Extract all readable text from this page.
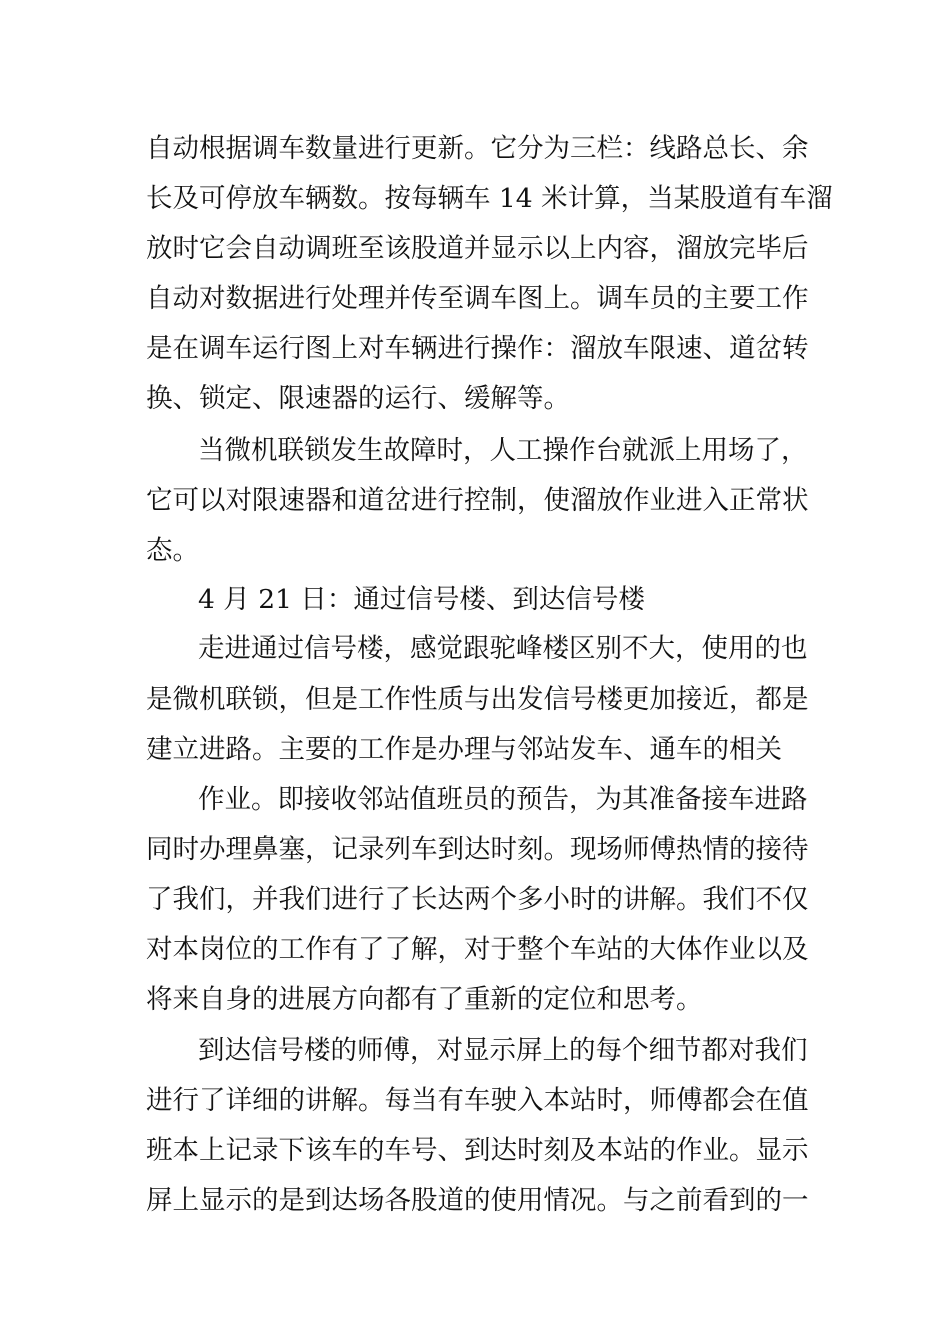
自动根据调车数量进行更新。它分为三栏：线路总长、余
长及可停放车辆数。按每辆车 14 米计算，当某股道有车溜
放时它会自动调班至该股道并显示以上内容，溜放完毕后
自动对数据进行处理并传至调车图上。调车员的主要工作
是在调车运行图上对车辆进行操作：溜放车限速、道岔转
换、锁定、限速器的运行、缓解等。
当微机联锁发生故障时，人工操作台就派上用场了，
它可以对限速器和道岔进行控制，使溜放作业进入正常状
态。
4 月 21 日：通过信号楼、到达信号楼
走进通过信号楼，感觉跟驼峰楼区别不大，使用的也
是微机联锁，但是工作性质与出发信号楼更加接近，都是
建立进路。主要的工作是办理与邻站发车、通车的相关
作业。即接收邻站值班员的预告，为其准备接车进路
同时办理鼻塞，记录列车到达时刻。现场师傅热情的接待
了我们，并我们进行了长达两个多小时的讲解。我们不仅
对本岗位的工作有了了解，对于整个车站的大体作业以及
将来自身的进展方向都有了重新的定位和思考。
到达信号楼的师傅，对显示屏上的每个细节都对我们
进行了详细的讲解。每当有车驶入本站时，师傅都会在值
班本上记录下该车的车号、到达时刻及本站的作业。显示
屏上显示的是到达场各股道的使用情况。与之前看到的一
